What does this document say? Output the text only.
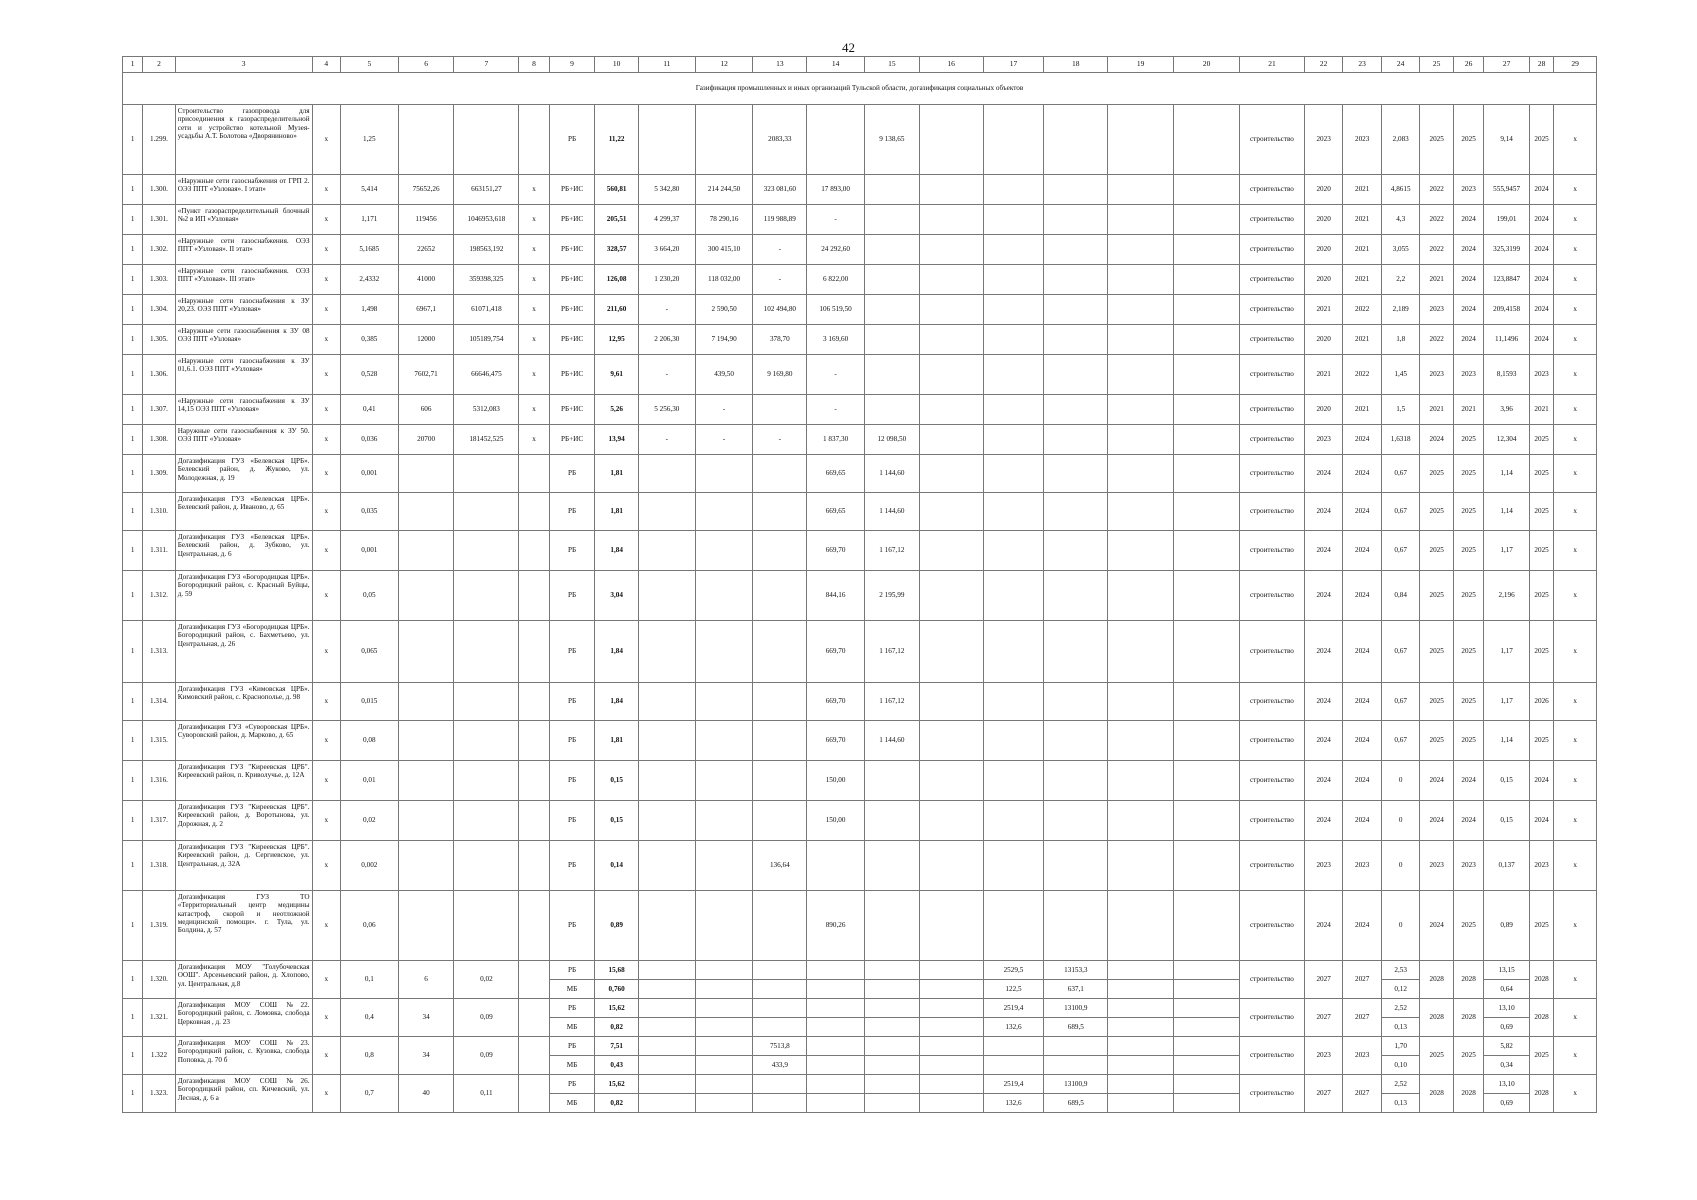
42
1	2	3	4	5	6	7	8	9	10	11	12	13	14	15	16	17	18	19	20	21	22	23	24	25	26	27	28	29
Газификация промышленных и иных организаций Тульской области, догазификация социальных объектов																												
1	1.299.	Строительство газопровода для присоединения к газораспределительной сети и устройство котельной Музея-усадьбы А.Т. Болотова «Дворяниново»	x	1,25				РБ	11,22			2083,33		9 138,65						строительство	2023	2023	2,083	2025	2025	9,14	2025	x
1	1.300.	«Наружные сети газоснабжения от ГРП 2. ОЭЗ ППТ «Узловая». I этап»	x	5,414	75652,26	663151,27	x	РБ+ИС	560,81	5 342,80	214 244,50	323 081,60	17 893,00							строительство	2020	2021	4,8615	2022	2023	555,9457	2024	x
1	1.301.	«Пункт газораспределительный блочный №2 в ИП «Узловая»	x	1,171	119456	1046953,618	x	РБ+ИС	205,51	4 299,37	78 290,16	119 988,89	-							строительство	2020	2021	4,3	2022	2024	199,01	2024	x
1	1.302.	«Наружные сети газоснабжения. ОЭЗ ППТ «Узловая». II этап»	x	5,1685	22652	198563,192	x	РБ+ИС	328,57	3 664,20	300 415,10	-	24 292,60							строительство	2020	2021	3,055	2022	2024	325,3199	2024	x
1	1.303.	«Наружные сети газоснабжения. ОЭЗ ППТ «Узловая». III этап»	x	2,4332	41000	359398,325	x	РБ+ИС	126,08	1 230,20	118 032,00	-	6 822,00							строительство	2020	2021	2,2	2021	2024	123,8847	2024	x
1	1.304.	«Наружные сети газоснабжения к ЗУ 20,23. ОЭЗ ППТ «Узловая»	x	1,498	6967,1	61071,418	x	РБ+ИС	211,60	-	2 590,50	102 494,80	106 519,50							строительство	2021	2022	2,189	2023	2024	209,4158	2024	x
1	1.305.	«Наружные сети газоснабжения к ЗУ 08 ОЭЗ ППТ «Узловая»	x	0,385	12000	105189,754	x	РБ+ИС	12,95	2 206,30	7 194,90	378,70	3 169,60							строительство	2020	2021	1,8	2022	2024	11,1496	2024	x
1	1.306.	«Наружные сети газоснабжения к ЗУ 01,6.1. ОЭЗ ППТ «Узловая»	x	0,528	7602,71	66646,475	x	РБ+ИС	9,61	-	439,50	9 169,80	-							строительство	2021	2022	1,45	2023	2023	8,1593	2023	x
1	1.307.	«Наружные сети газоснабжения к ЗУ 14,15 ОЭЗ ППТ «Узловая»	x	0,41	606	5312,083	x	РБ+ИС	5,26	5 256,30	-		-							строительство	2020	2021	1,5	2021	2021	3,96	2021	x
1	1.308.	Наружные сети газоснабжения к ЗУ 50. ОЭЗ ППТ «Узловая»	x	0,036	20700	181452,525	x	РБ+ИС	13,94	-	-	-	1 837,30	12 098,50						строительство	2023	2024	1,6318	2024	2025	12,304	2025	x
1	1.309.	Догазификация ГУЗ «Белевская ЦРБ». Белевский район, д. Жуково, ул. Молодежная, д. 19	x	0,001				РБ	1,81				669,65	1 144,60						строительство	2024	2024	0,67	2025	2025	1,14	2025	x
1	1.310.	Догазификация ГУЗ «Белевская ЦРБ». Белевский район, д. Иваново, д. 65	x	0,035				РБ	1,81				669,65	1 144,60						строительство	2024	2024	0,67	2025	2025	1,14	2025	x
1	1.311.	Догазификация ГУЗ «Белевская ЦРБ». Белевский район, д. Зубково, ул. Центральная, д. 6	x	0,001				РБ	1,84				669,70	1 167,12						строительство	2024	2024	0,67	2025	2025	1,17	2025	x
1	1.312.	Догазификация ГУЗ «Богородицкая ЦРБ». Богородицкий район, с. Красный Буйцы, д. 59	x	0,05				РБ	3,04				844,16	2 195,99						строительство	2024	2024	0,84	2025	2025	2,196	2025	x
1	1.313.	Догазификация ГУЗ «Богородицкая ЦРБ». Богородицкий район, с. Бахметьево, ул. Центральная, д. 26	x	0,065				РБ	1,84				669,70	1 167,12						строительство	2024	2024	0,67	2025	2025	1,17	2025	x
1	1.314.	Догазификация ГУЗ «Кимовская ЦРБ». Кимовский район, с. Краснополье, д. 98	x	0,015				РБ	1,84				669,70	1 167,12						строительство	2024	2024	0,67	2025	2025	1,17	2026	x
1	1.315.	Догазификация ГУЗ «Суворовская ЦРБ». Суворовский район, д. Марково, д. 65	x	0,08				РБ	1,81				669,70	1 144,60						строительство	2024	2024	0,67	2025	2025	1,14	2025	x
1	1.316.	Догазификация ГУЗ "Киреевская ЦРБ". Киреевский район, п. Криволучье, д. 12А	x	0,01				РБ	0,15				150,00							строительство	2024	2024	0	2024	2024	0,15	2024	x
1	1.317.	Догазификация ГУЗ "Киреевская ЦРБ". Киреевский район, д. Воротынова, ул. Дорожная, д. 2	x	0,02				РБ	0,15				150,00							строительство	2024	2024	0	2024	2024	0,15	2024	x
1	1.318.	Догазификация ГУЗ "Киреевская ЦРБ". Киреевский район, д. Сергиевское, ул. Центральная, д. 32А	x	0,002				РБ	0,14			136,64								строительство	2023	2023	0	2023	2023	0,137	2023	x
1	1.319.	Догазификация ГУЗ ТО «Территориальный центр медицины катастроф, скорой и неотложной медицинской помощи». г. Тула, ул. Болдина, д. 57	x	0,06				РБ	0,89				890,26							строительство	2024	2024	0	2024	2025	0,89	2025	x
1	1.320.	Догазификация МОУ "Голубочевская ООШ". Арсеньевский район, д. Хлопово, ул. Центральная, д.8	x	0,1	6	0,02		РБ	15,68							2529,5	13153,3			строительство	2027	2027	2,53	2028	2028	13,15	2028	x
								МБ	0,760							122,5	637,1						0,12			0,64		
1	1.321.	Догазификация МОУ СОШ №22. Богородицкий район, с. Ломовка, слобода Церковная , д. 23	x	0,4	34	0,09		РБ	15,62							2519,4	13100,9			строительство	2027	2027	2,52	2028	2028	13,10	2028	x
								МБ	0,82							132,6	689,5						0,13			0,69		
1	1.322	Догазификация МОУ СОШ №23. Богородицкий район, с. Кузовка, слобода Поповка, д. 70 б	x	0,8	34	0,09		РБ	7,51			7513,8								строительство	2023	2023	1,70	2025	2025	5,82	2025	x
								МБ	0,43			433,9											0,10			0,34		
1	1.323.	Догазификация МОУ СОШ №26. Богородицкий район, сп. Кичевский, ул. Лесная, д. 6 а	x	0,7	40	0,11		РБ	15,62							2519,4	13100,9			строительство	2027	2027	2,52	2028	2028	13,10	2028	x
								МБ	0,82							132,6	689,5						0,13			0,69		
